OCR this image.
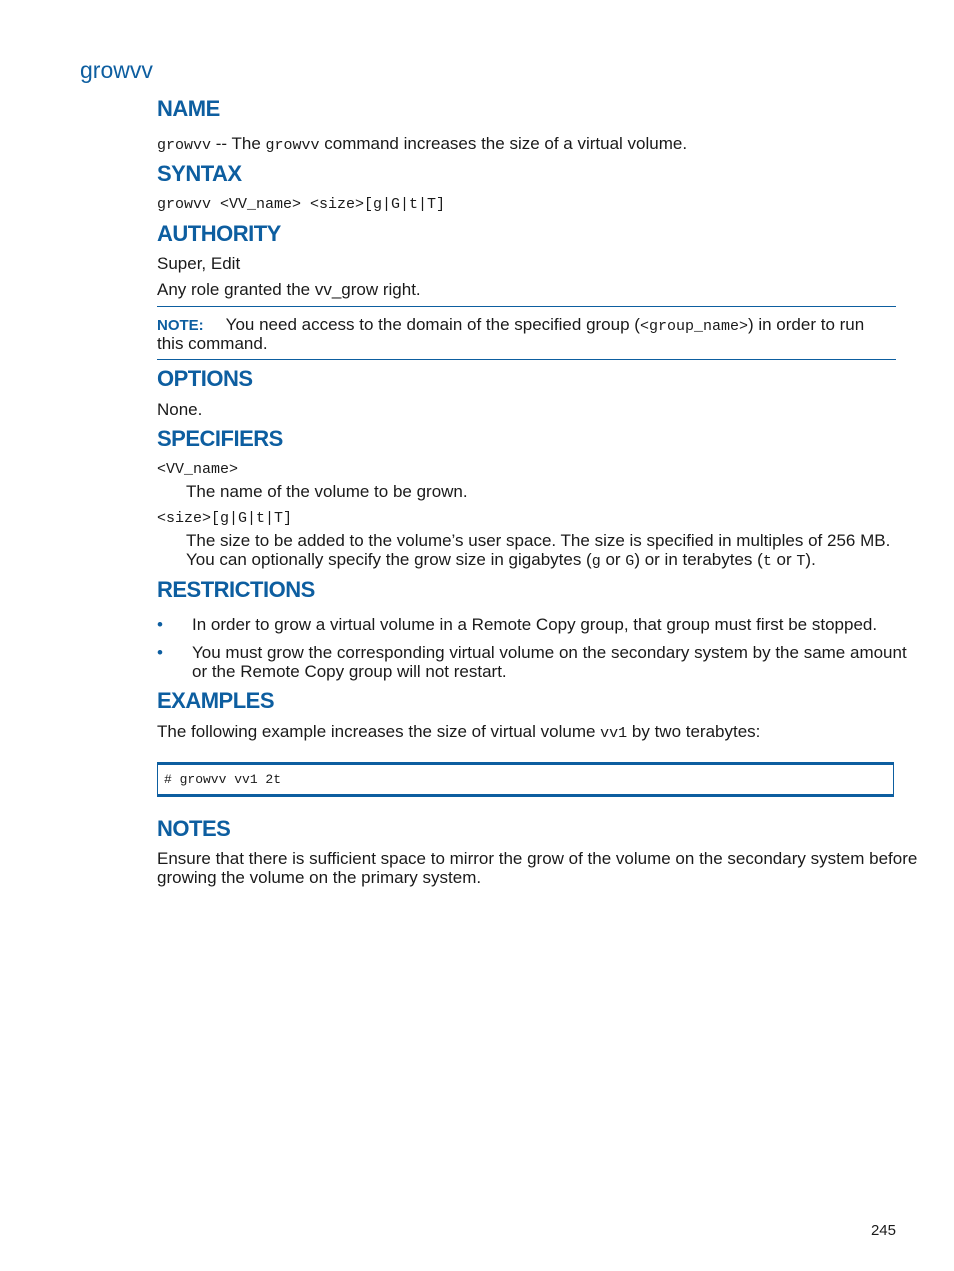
growvv
NAME
growvv -- The growvv command increases the size of a virtual volume.
SYNTAX
growvv <VV_name> <size>[g|G|t|T]
AUTHORITY
Super, Edit
Any role granted the vv_grow right.
NOTE: You need access to the domain of the specified group (<group_name>) in order to run
this command.
OPTIONS
None.
SPECIFIERS
<VV_name>
The name of the volume to be grown.
<size>[g|G|t|T]
The size to be added to the volume’s user space. The size is specified in multiples of 256 MB.
You can optionally specify the grow size in gigabytes (g or G) or in terabytes (t or T).
RESTRICTIONS
• In order to grow a virtual volume in a Remote Copy group, that group must first be stopped.
• You must grow the corresponding virtual volume on the secondary system by the same amount
or the Remote Copy group will not restart.
EXAMPLES
The following example increases the size of virtual volume vv1 by two terabytes:
# growvv vv1 2t
NOTES
Ensure that there is sufficient space to mirror the grow of the volume on the secondary system before
growing the volume on the primary system.
245
